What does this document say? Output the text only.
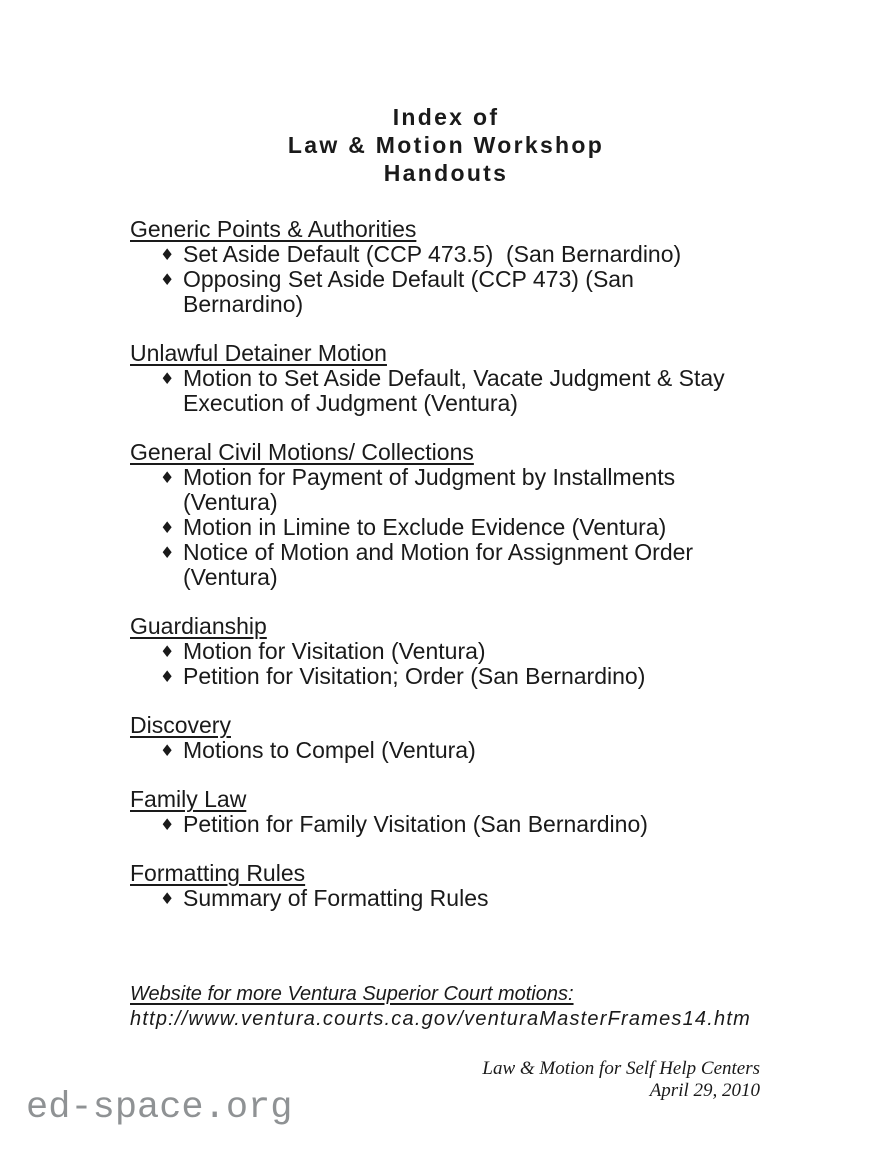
Index of
Law & Motion Workshop
Handouts
Generic Points & Authorities
♦ Set Aside Default (CCP 473.5)  (San Bernardino)
♦ Opposing Set Aside Default (CCP 473) (San Bernardino)
Unlawful Detainer Motion
♦ Motion to Set Aside Default, Vacate Judgment & Stay Execution of Judgment (Ventura)
General Civil Motions/ Collections
♦ Motion for Payment of Judgment by Installments (Ventura)
♦ Motion in Limine to Exclude Evidence (Ventura)
♦ Notice of Motion and Motion for Assignment Order (Ventura)
Guardianship
♦ Motion for Visitation (Ventura)
♦ Petition for Visitation; Order (San Bernardino)
Discovery
♦ Motions to Compel (Ventura)
Family Law
♦ Petition for Family Visitation (San Bernardino)
Formatting Rules
♦ Summary of Formatting Rules
Website for more Ventura Superior Court motions:
http://www.ventura.courts.ca.gov/venturaMasterFrames14.htm
Law & Motion for Self Help Centers
April 29, 2010
ed-space.org
